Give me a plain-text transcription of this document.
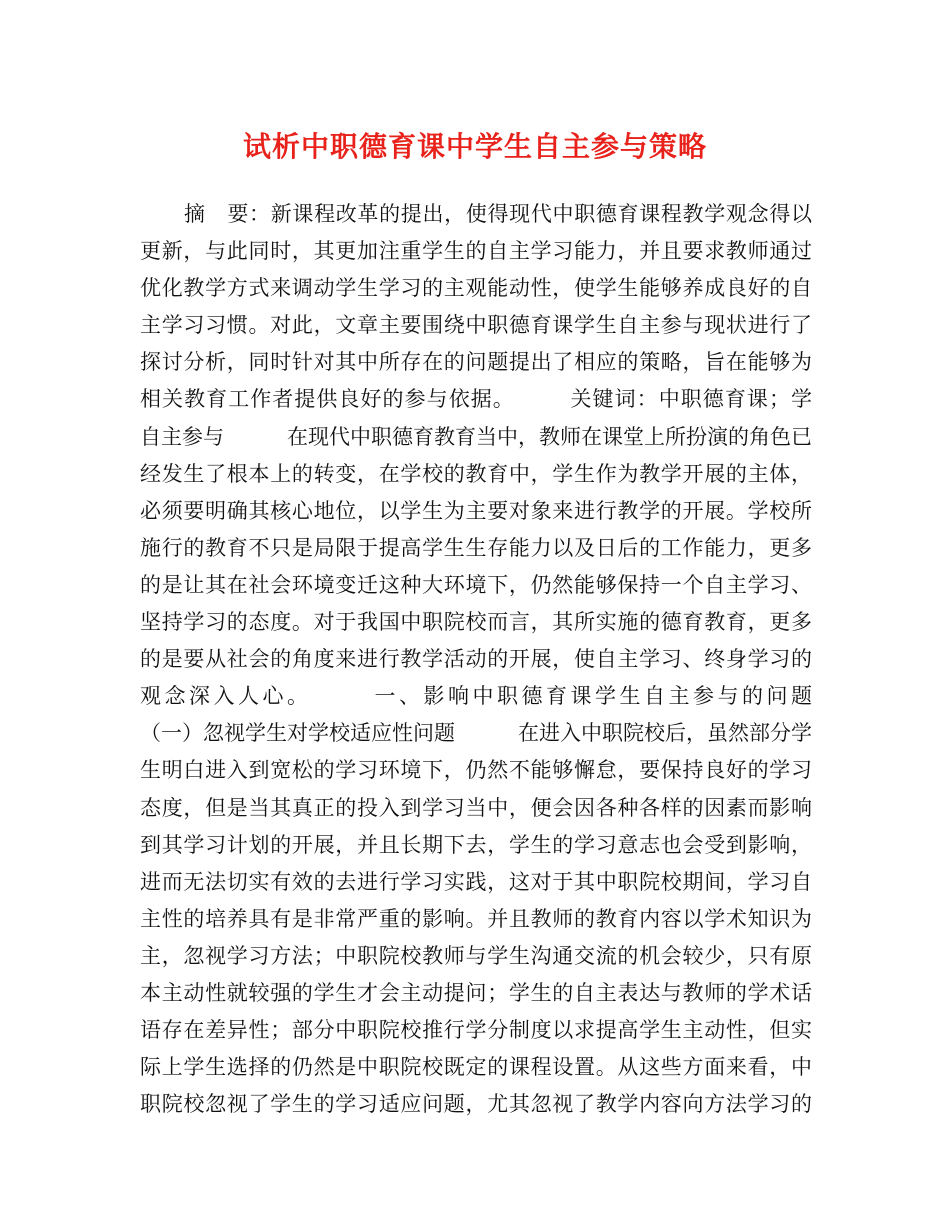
试析中职德育课中学生自主参与策略
摘　要：新课程改革的提出，使得现代中职德育课程教学观念得以
更新，与此同时，其更加注重学生的自主学习能力，并且要求教师通过
优化教学方式来调动学生学习的主观能动性，使学生能够养成良好的自
主学习习惯。对此，文章主要围绕中职德育课学生自主参与现状进行了
探讨分析，同时针对其中所存在的问题提出了相应的策略，旨在能够为
相关教育工作者提供良好的参与依据。　　　关键词：中职德育课；学
自主参与　　　在现代中职德育教育当中，教师在课堂上所扮演的角色已
经发生了根本上的转变，在学校的教育中，学生作为教学开展的主体，
必须要明确其核心地位，以学生为主要对象来进行教学的开展。学校所
施行的教育不只是局限于提高学生生存能力以及日后的工作能力，更多
的是让其在社会环境变迁这种大环境下，仍然能够保持一个自主学习、
坚持学习的态度。对于我国中职院校而言，其所实施的德育教育，更多
的是要从社会的角度来进行教学活动的开展，使自主学习、终身学习的
观念深入人心。　　　一、影响中职德育课学生自主参与的问题
（一）忽视学生对学校适应性问题　　　在进入中职院校后，虽然部分学
生明白进入到宽松的学习环境下，仍然不能够懈怠，要保持良好的学习
态度，但是当其真正的投入到学习当中，便会因各种各样的因素而影响
到其学习计划的开展，并且长期下去，学生的学习意志也会受到影响，
进而无法切实有效的去进行学习实践，这对于其中职院校期间，学习自
主性的培养具有是非常严重的影响。并且教师的教育内容以学术知识为
主，忽视学习方法；中职院校教师与学生沟通交流的机会较少，只有原
本主动性就较强的学生才会主动提问；学生的自主表达与教师的学术话
语存在差异性；部分中职院校推行学分制度以求提高学生主动性，但实
际上学生选择的仍然是中职院校既定的课程设置。从这些方面来看，中
职院校忽视了学生的学习适应问题，尤其忽视了教学内容向方法学习的
